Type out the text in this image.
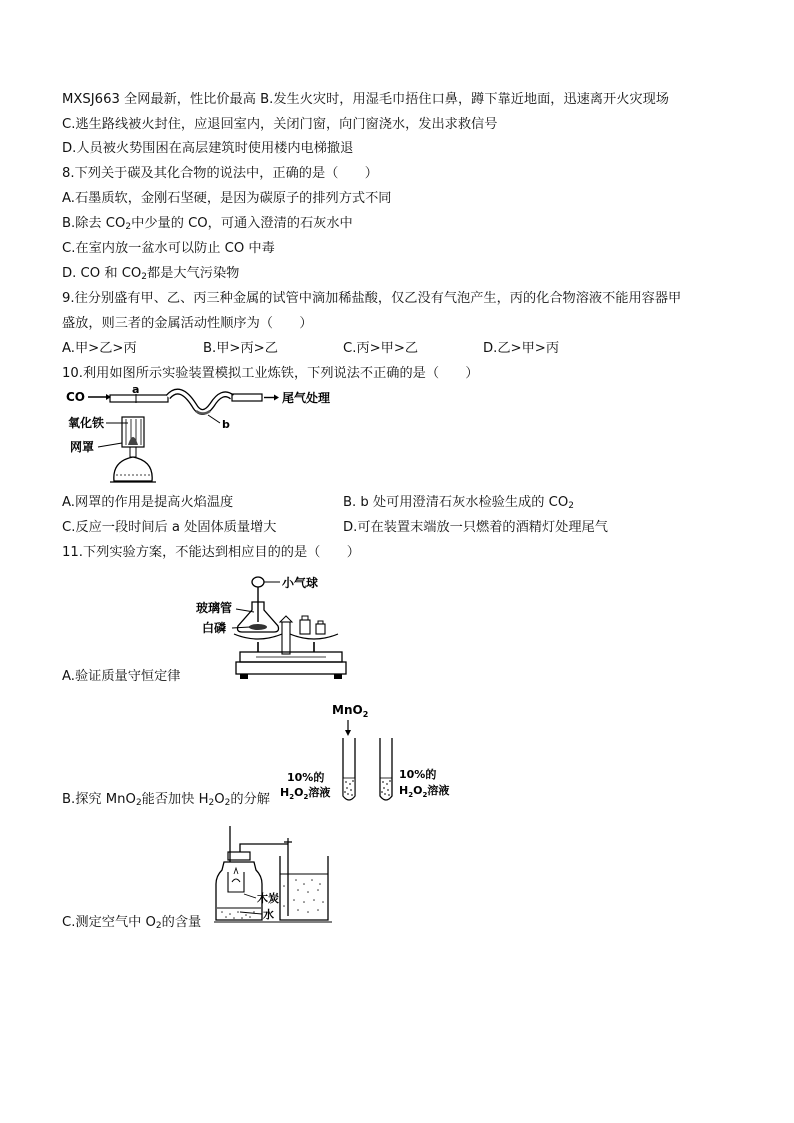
MXSJ663 全网最新，性比价最高 B.发生火灾时，用湿毛巾捂住口鼻，蹲下靠近地面，迅速离开火灾现场
C.逃生路线被火封住，应退回室内，关闭门窗，向门窗浇水，发出求救信号
D.人员被火势围困在高层建筑时使用楼内电梯撤退
8.下列关于碳及其化合物的说法中，正确的是（　　）
A.石墨质软，金刚石坚硬，是因为碳原子的排列方式不同
B.除去 $CO_2$中少量的 CO，可通入澄清的石灰水中
C.在室内放一盆水可以防止 CO 中毒
D. CO 和 $CO_2$都是大气污染物
9.往分别盛有甲、乙、丙三种金属的试管中滴加稀盐酸，仅乙没有气泡产生，丙的化合物溶液不能用容器甲
盛放，则三者的金属活动性顺序为（　　）
A.甲>乙>丙	B.甲>丙>乙	C.丙>甲>乙	D.乙>甲>丙
10.利用如图所示实验装置模拟工业炼铁，下列说法不正确的是（　　）
CO
a
b
尾气处理
氧化铁
网罩
A.网罩的作用是提高火焰温度	B. b 处可用澄清石灰水检验生成的 $CO_2$
C.反应一段时间后 a 处固体质量增大	D.可在装置末端放一只燃着的酒精灯处理尾气
11.下列实验方案，不能达到相应目的的是（　　）
小气球
玻璃管
白磷
A.验证质量守恒定律
MnO$_2$
10%的
$H_2O_2$溶液
10%的
$H_2O_2$溶液
B.探究 MnO$_2$能否加快 $H_2O_2$的分解
木炭
水
C.测定空气中 $O_2$的含量
